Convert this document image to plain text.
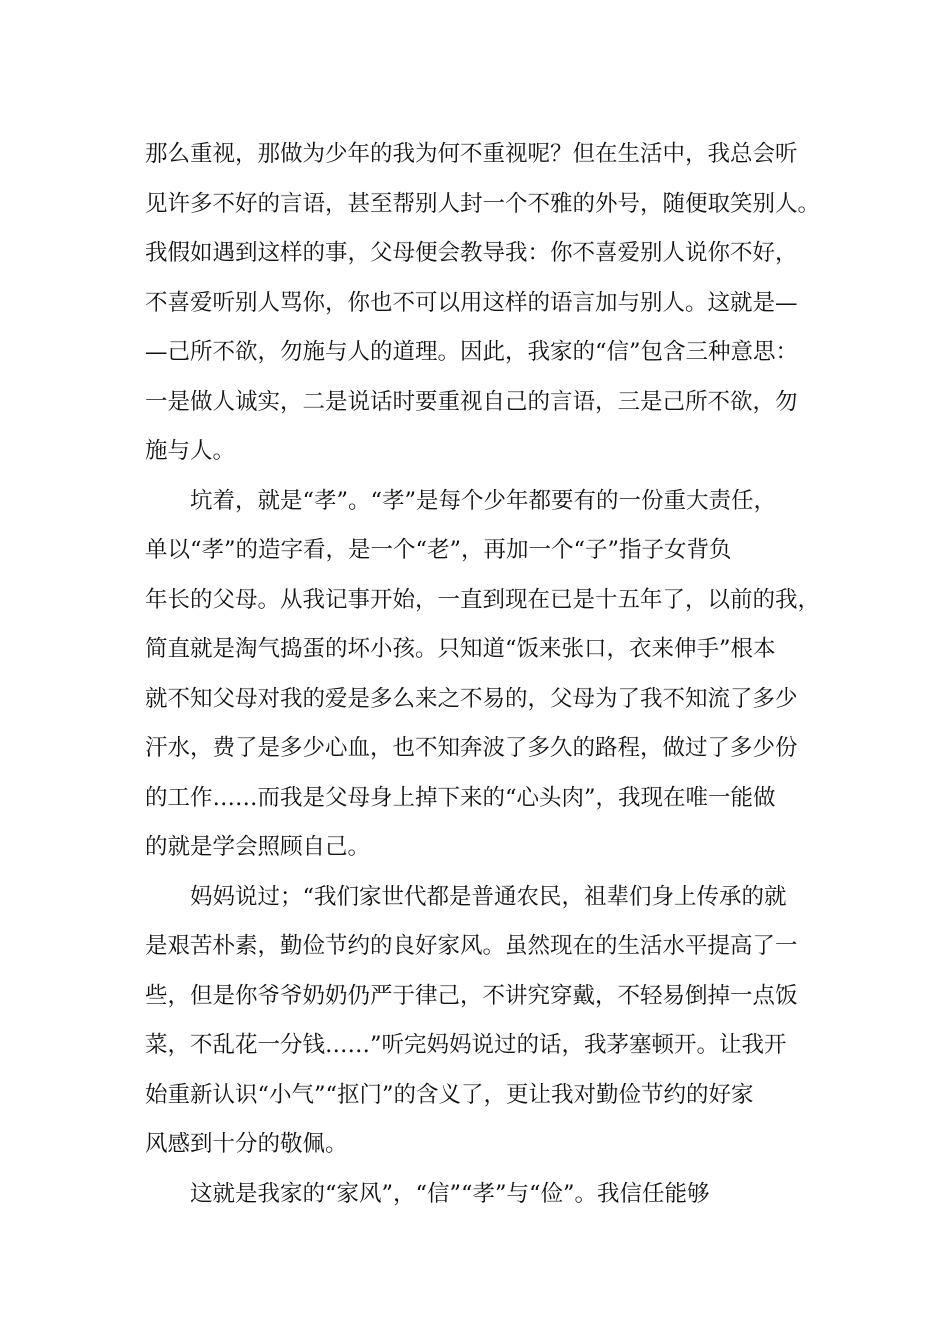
那么重视，那做为少年的我为何不重视呢？但在生活中，我总会听
见许多不好的言语，甚至帮别人封一个不雅的外号，随便取笑别人。
我假如遇到这样的事，父母便会教导我：你不喜爱别人说你不好，
不喜爱听别人骂你，你也不可以用这样的语言加与别人。这就是—
—己所不欲，勿施与人的道理。因此，我家的“信”包含三种意思：
一是做人诚实，二是说话时要重视自己的言语，三是己所不欲，勿
施与人。
坑着，就是“孝”。“孝”是每个少年都要有的一份重大责任，
单以“孝”的造字看，是一个“老”，再加一个“子”指子女背负
年长的父母。从我记事开始，一直到现在已是十五年了，以前的我，
简直就是淘气捣蛋的坏小孩。只知道“饭来张口，衣来伸手”根本
就不知父母对我的爱是多么来之不易的，父母为了我不知流了多少
汗水，费了是多少心血，也不知奔波了多久的路程，做过了多少份
的工作……而我是父母身上掉下来的“心头肉”，我现在唯一能做
的就是学会照顾自己。
妈妈说过；“我们家世代都是普通农民，祖辈们身上传承的就
是艰苦朴素，勤俭节约的良好家风。虽然现在的生活水平提高了一
些，但是你爷爷奶奶仍严于律己，不讲究穿戴，不轻易倒掉一点饭
菜，不乱花一分钱……”听完妈妈说过的话，我茅塞顿开。让我开
始重新认识“小气”“抠门”的含义了，更让我对勤俭节约的好家
风感到十分的敬佩。
这就是我家的“家风”，“信”“孝”与“俭”。我信任能够
